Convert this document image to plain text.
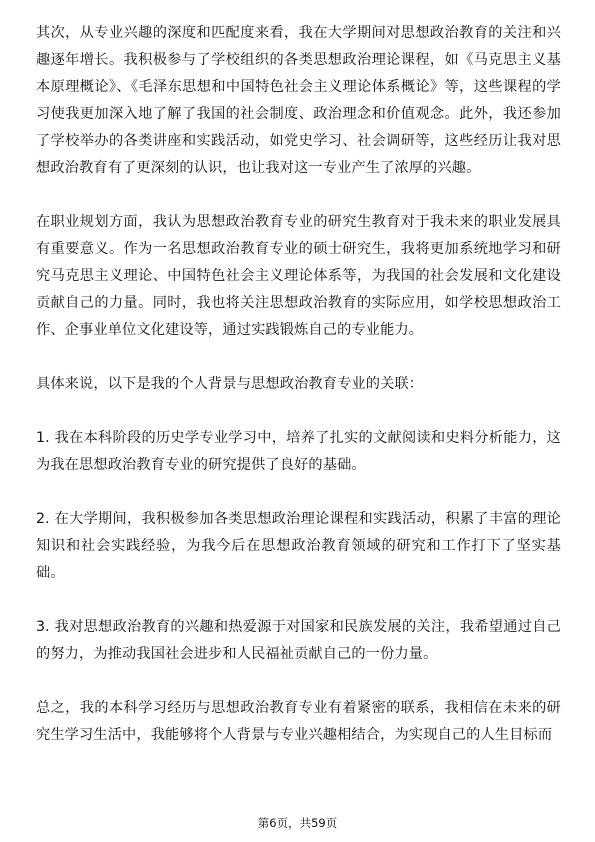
其次，从专业兴趣的深度和匹配度来看，我在大学期间对思想政治教育的关注和兴趣逐年增长。我积极参与了学校组织的各类思想政治理论课程，如《马克思主义基本原理概论》、《毛泽东思想和中国特色社会主义理论体系概论》等，这些课程的学习使我更加深入地了解了我国的社会制度、政治理念和价值观念。此外，我还参加了学校举办的各类讲座和实践活动，如党史学习、社会调研等，这些经历让我对思想政治教育有了更深刻的认识，也让我对这一专业产生了浓厚的兴趣。

在职业规划方面，我认为思想政治教育专业的研究生教育对于我未来的职业发展具有重要意义。作为一名思想政治教育专业的硕士研究生，我将更加系统地学习和研究马克思主义理论、中国特色社会主义理论体系等，为我国的社会发展和文化建设贡献自己的力量。同时，我也将关注思想政治教育的实际应用，如学校思想政治工作、企事业单位文化建设等，通过实践锻炼自己的专业能力。

具体来说，以下是我的个人背景与思想政治教育专业的关联：

1. 我在本科阶段的历史学专业学习中，培养了扎实的文献阅读和史料分析能力，这为我在思想政治教育专业的研究提供了良好的基础。

2. 在大学期间，我积极参加各类思想政治理论课程和实践活动，积累了丰富的理论知识和社会实践经验，为我今后在思想政治教育领域的研究和工作打下了坚实基础。

3. 我对思想政治教育的兴趣和热爱源于对国家和民族发展的关注，我希望通过自己的努力，为推动我国社会进步和人民福祉贡献自己的一份力量。

总之，我的本科学习经历与思想政治教育专业有着紧密的联系，我相信在未来的研究生学习生活中，我能够将个人背景与专业兴趣相结合，为实现自己的人生目标而

第6页，共59页
